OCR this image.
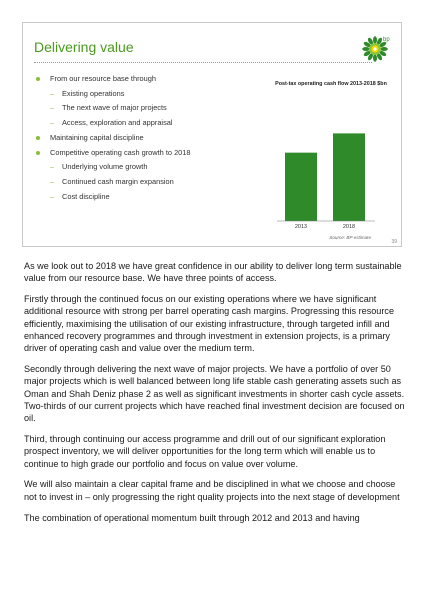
Delivering value	bp
From our resource base through
– Existing operations
– The next wave of major projects
– Access, exploration and appraisal
Maintaining capital discipline
Competitive operating cash growth to 2018
– Underlying volume growth
– Continued cash margin expansion
– Cost discipline
Post-tax operating cash flow 2013-2018 $bn
2013	2018
Source: BP estimate
39

As we look out to 2018 we have great confidence in our ability to deliver long term sustainable value from our resource base. We have three points of access.

Firstly through the continued focus on our existing operations where we have significant additional resource with strong per barrel operating cash margins. Progressing this resource efficiently, maximising the utilisation of our existing infrastructure, through targeted infill and enhanced recovery programmes and through investment in extension projects, is a primary driver of operating cash and value over the medium term.

Secondly through delivering the next wave of major projects. We have a portfolio of over 50 major projects which is well balanced between long life stable cash generating assets such as Oman and Shah Deniz phase 2 as well as significant investments in shorter cash cycle assets. Two-thirds of our current projects which have reached final investment decision are focused on oil.

Third, through continuing our access programme and drill out of our significant exploration prospect inventory, we will deliver opportunities for the long term which will enable us to continue to high grade our portfolio and focus on value over volume.

We will also maintain a clear capital frame and be disciplined in what we choose and choose not to invest in – only progressing the right quality projects into the next stage of development

The combination of operational momentum built through 2012 and 2013 and having
